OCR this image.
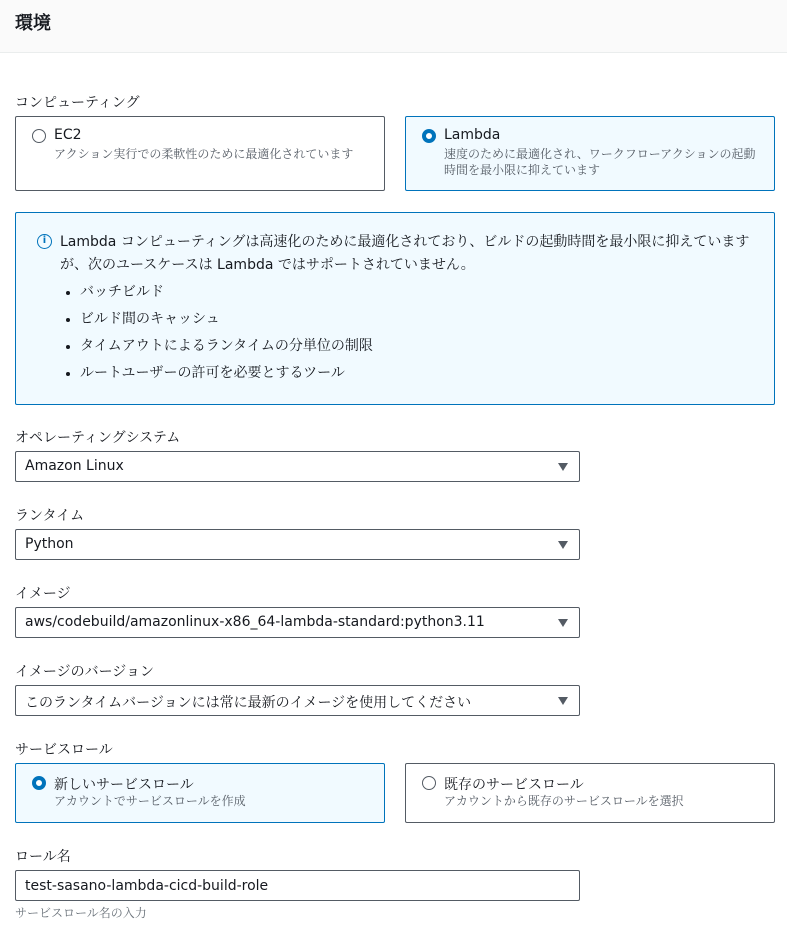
環境
コンピューティング
EC2
アクション実行での柔軟性のために最適化されています
Lambda
速度のために最適化され、ワークフローアクションの起動時間を最小限に抑えています
i Lambda コンピューティングは高速化のために最適化されており、ビルドの起動時間を最小限に抑えていますが、次のユースケースは Lambda ではサポートされていません。
バッチビルド
ビルド間のキャッシュ
タイムアウトによるランタイムの分単位の制限
ルートユーザーの許可を必要とするツール
オペレーティングシステム
Amazon Linux
ランタイム
Python
イメージ
aws/codebuild/amazonlinux-x86_64-lambda-standard:python3.11
イメージのバージョン
このランタイムバージョンには常に最新のイメージを使用してください
サービスロール
新しいサービスロール
アカウントでサービスロールを作成
既存のサービスロール
アカウントから既存のサービスロールを選択
ロール名
test-sasano-lambda-cicd-build-role
サービスロール名の入力
